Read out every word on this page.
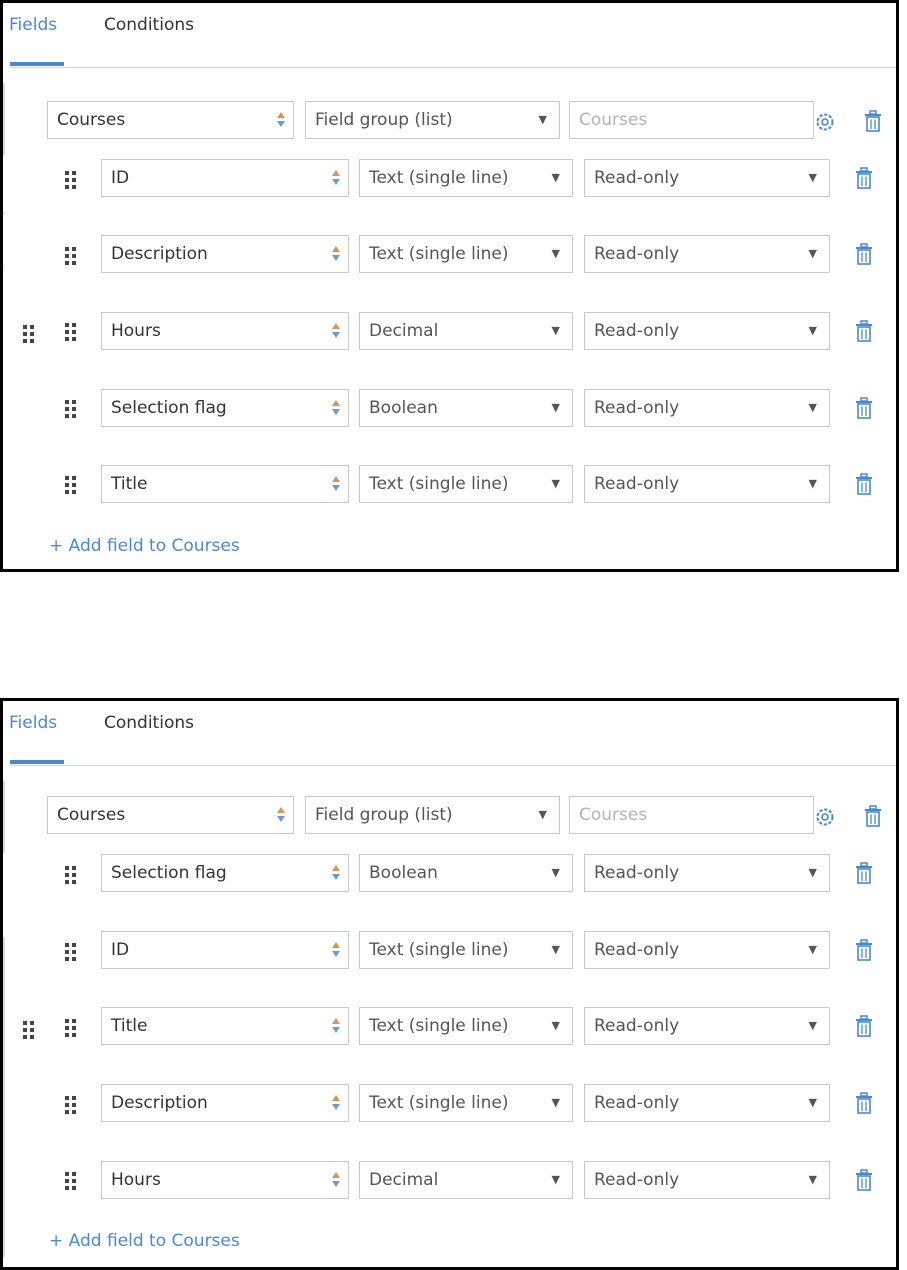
Fields	Conditions
Courses	Field group (list)	▼	Courses
ID	Text (single line)	▼	Read-only	▼
Description	Text (single line)	▼	Read-only	▼
Hours	Decimal	▼	Read-only	▼
Selection flag	Boolean	▼	Read-only	▼
Title	Text (single line)	▼	Read-only	▼
+ Add field to Courses
Fields	Conditions
Courses	Field group (list)	▼	Courses
Selection flag	Boolean	▼	Read-only	▼
ID	Text (single line)	▼	Read-only	▼
Title	Text (single line)	▼	Read-only	▼
Description	Text (single line)	▼	Read-only	▼
Hours	Decimal	▼	Read-only	▼
+ Add field to Courses
